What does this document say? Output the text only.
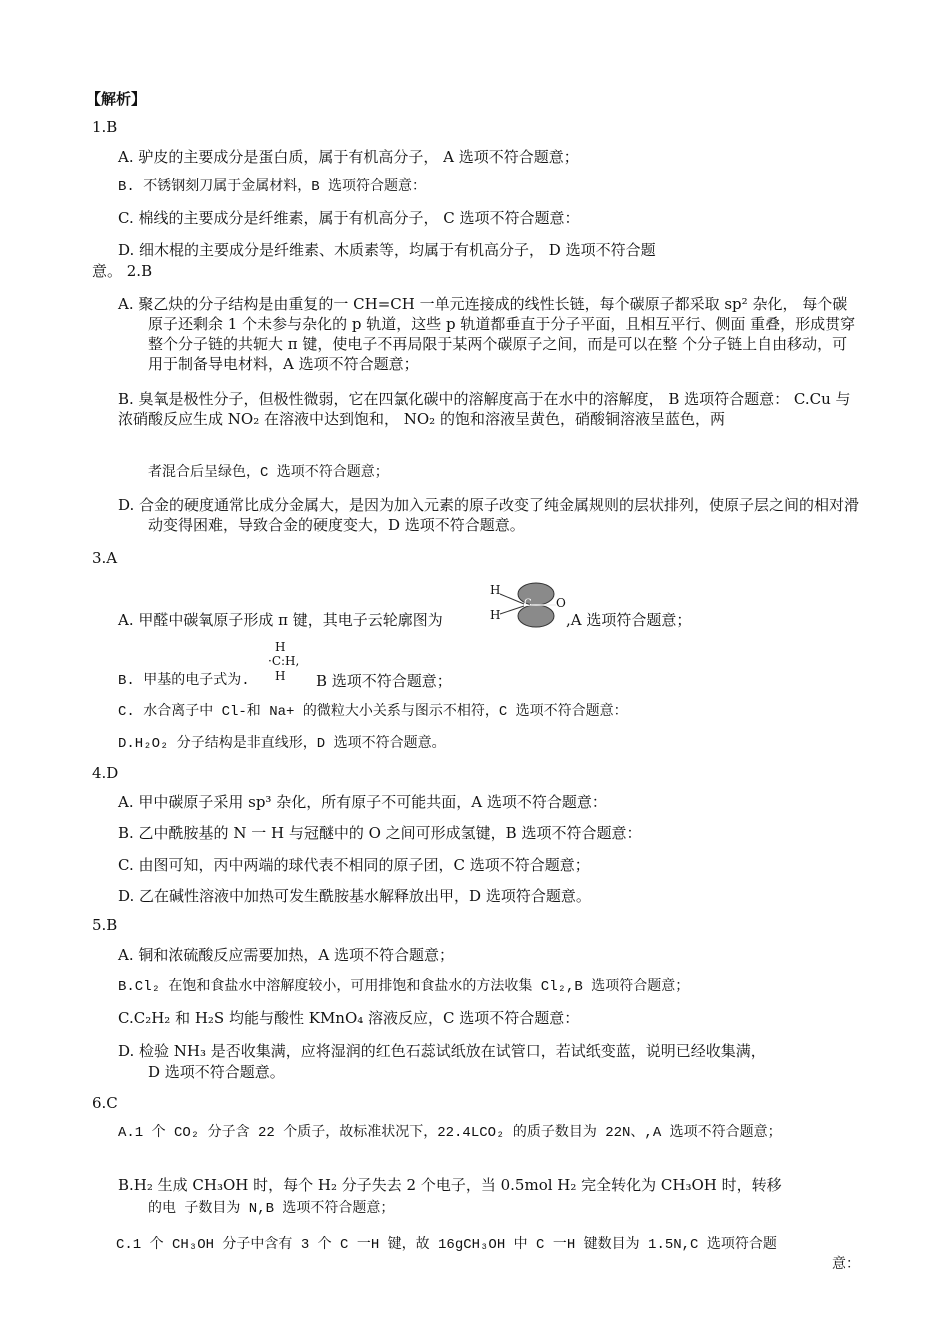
【解析】
1.B
A. 驴皮的主要成分是蛋白质，属于有机高分子， A 选项不符合题意；
B. 不锈钢刻刀属于金属材料，B 选项符合题意：
C. 棉线的主要成分是纤维素，属于有机高分子， C 选项不符合题意：
D. 细木棍的主要成分是纤维素、木质素等，均属于有机高分子， D 选项不符合题
意。 2.B
A. 聚乙炔的分子结构是由重复的一 CH=CH 一单元连接成的线性长链，每个碳原子都采取 sp² 杂化， 每个碳原子还剩余 1 个未参与杂化的 p 轨道，这些 p 轨道都垂直于分子平面，且相互平行、侧面 重叠，形成贯穿整个分子链的共轭大 π 键，使电子不再局限于某两个碳原子之间，而是可以在整 个分子链上自由移动，可用于制备导电材料，A 选项不符合题意；
B. 臭氧是极性分子，但极性微弱，它在四氯化碳中的溶解度高于在水中的溶解度， B 选项符合题意： C.Cu 与浓硝酸反应生成 NO₂ 在溶液中达到饱和， NO₂ 的饱和溶液呈黄色，硝酸铜溶液呈蓝色，两
者混合后呈绿色，C 选项不符合题意；
D. 合金的硬度通常比成分金属大，是因为加入元素的原子改变了纯金属规则的层状排列，使原子层之间的相对滑动变得困难，导致合金的硬度变大，D 选项不符合题意。
3.A
A. 甲醛中碳氧原子形成 π 键，其电子云轮廓图为
H
H
C O
,A 选项符合题意；
H
·C:H,
H
B. 甲基的电子式为.	B 选项不符合题意；
C. 水合离子中 Cl-和 Na+ 的微粒大小关系与图示不相符，C 选项不符合题意：
D.H₂O₂ 分子结构是非直线形，D 选项不符合题意。
4.D
A. 甲中碳原子采用 sp³ 杂化，所有原子不可能共面，A 选项不符合题意：
B. 乙中酰胺基的 N 一 H 与冠醚中的 O 之间可形成氢键，B 选项不符合题意：
C. 由图可知，丙中两端的球代表不相同的原子团，C 选项不符合题意；
D. 乙在碱性溶液中加热可发生酰胺基水解释放出甲，D 选项符合题意。
5.B
A. 铜和浓硫酸反应需要加热，A 选项不符合题意；
B.Cl₂ 在饱和食盐水中溶解度较小，可用排饱和食盐水的方法收集 Cl₂,B 选项符合题意；
C.C₂H₂ 和 H₂S 均能与酸性 KMnO₄ 溶液反应，C 选项不符合题意：
D. 检验 NH₃ 是否收集满，应将湿润的红色石蕊试纸放在试管口，若试纸变蓝，说明已经收集满，
D 选项不符合题意。
6.C
A.1 个 CO₂ 分子含 22 个质子，故标准状况下，22.4LCO₂ 的质子数目为 22N、,A 选项不符合题意；
B.H₂ 生成 CH₃OH 时，每个 H₂ 分子失去 2 个电子，当 0.5mol H₂ 完全转化为 CH₃OH 时，转移
的电 子数目为 N,B 选项不符合题意；
C.1 个 CH₃OH 分子中含有 3 个 C 一H 键，故 16gCH₃OH 中 C 一H 键数目为 1.5N,C 选项符合题
意：
